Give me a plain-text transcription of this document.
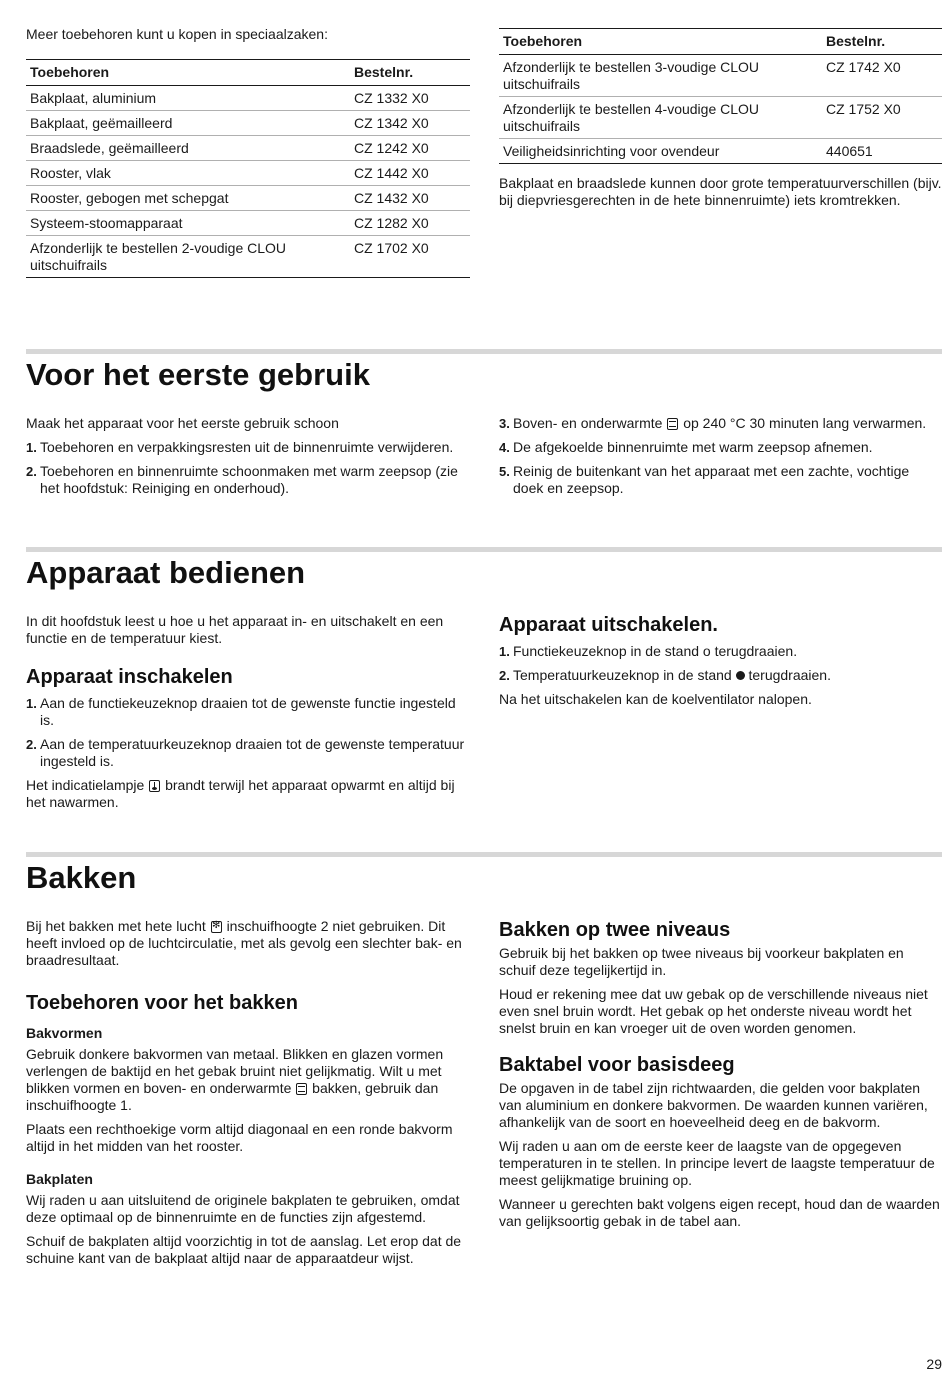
Meer toebehoren kunt u kopen in speciaalzaken:

Toebehoren	Bestelnr.
Bakplaat, aluminium	CZ 1332 X0
Bakplaat, geëmailleerd	CZ 1342 X0
Braadslede, geëmailleerd	CZ 1242 X0
Rooster, vlak	CZ 1442 X0
Rooster, gebogen met schepgat	CZ 1432 X0
Systeem-stoomapparaat	CZ 1282 X0
Afzonderlijk te bestellen 2-voudige CLOU uitschuifrails	CZ 1702 X0
Toebehoren	Bestelnr.
Afzonderlijk te bestellen 3-voudige CLOU uitschuifrails	CZ 1742 X0
Afzonderlijk te bestellen 4-voudige CLOU uitschuifrails	CZ 1752 X0
Veiligheidsinrichting voor ovendeur	440651

Bakplaat en braadslede kunnen door grote temperatuurverschillen (bijv. bij diepvriesgerechten in de hete binnenruimte) iets kromtrekken.

Voor het eerste gebruik

Maak het apparaat voor het eerste gebruik schoon

1. Toebehoren en verpakkingsresten uit de binnenruimte verwijderen.
2. Toebehoren en binnenruimte schoonmaken met warm zeepsop (zie het hoofdstuk: Reiniging en onderhoud).
3. Boven- en onderwarmte op 240 °C 30 minuten lang verwarmen.
4. De afgekoelde binnenruimte met warm zeepsop afnemen.
5. Reinig de buitenkant van het apparaat met een zachte, vochtige doek en zeepsop.
Apparaat bedienen

In dit hoofdstuk leest u hoe u het apparaat in- en uitschakelt en een functie en de temperatuur kiest.

Apparaat inschakelen
1. Aan de functiekeuzeknop draaien tot de gewenste functie ingesteld is.
2. Aan de temperatuurkeuzeknop draaien tot de gewenste temperatuur ingesteld is.

Het indicatielampje brandt terwijl het apparaat opwarmt en altijd bij het nawarmen.

Apparaat uitschakelen.
1. Functiekeuzeknop in de stand o terugdraaien.
2. Temperatuurkeuzeknop in de stand terugdraaien.

Na het uitschakelen kan de koelventilator nalopen.

Bakken

Bij het bakken met hete lucht ✻ inschuifhoogte 2 niet gebruiken. Dit heeft invloed op de luchtcirculatie, met als gevolg een slechter bak- en braadresultaat.

Toebehoren voor het bakken
Bakvormen

Gebruik donkere bakvormen van metaal. Blikken en glazen vormen verlengen de baktijd en het gebak bruint niet gelijkmatig. Wilt u met blikken vormen en boven- en onderwarmte bakken, gebruik dan inschuifhoogte 1.

Plaats een rechthoekige vorm altijd diagonaal en een ronde bakvorm altijd in het midden van het rooster.

Bakplaten

Wij raden u aan uitsluitend de originele bakplaten te gebruiken, omdat deze optimaal op de binnenruimte en de functies zijn afgestemd.

Schuif de bakplaten altijd voorzichtig in tot de aanslag. Let erop dat de schuine kant van de bakplaat altijd naar de apparaatdeur wijst.

Bakken op twee niveaus

Gebruik bij het bakken op twee niveaus bij voorkeur bakplaten en schuif deze tegelijkertijd in.

Houd er rekening mee dat uw gebak op de verschillende niveaus niet even snel bruin wordt. Het gebak op het onderste niveau wordt het snelst bruin en kan vroeger uit de oven worden genomen.

Baktabel voor basisdeeg

De opgaven in de tabel zijn richtwaarden, die gelden voor bakplaten van aluminium en donkere bakvormen. De waarden kunnen variëren, afhankelijk van de soort en hoeveelheid deeg en de bakvorm.

Wij raden u aan om de eerste keer de laagste van de opgegeven temperaturen in te stellen. In principe levert de laagste temperatuur de meest gelijkmatige bruining op.

Wanneer u gerechten bakt volgens eigen recept, houd dan de waarden van gelijksoortig gebak in de tabel aan.

29
